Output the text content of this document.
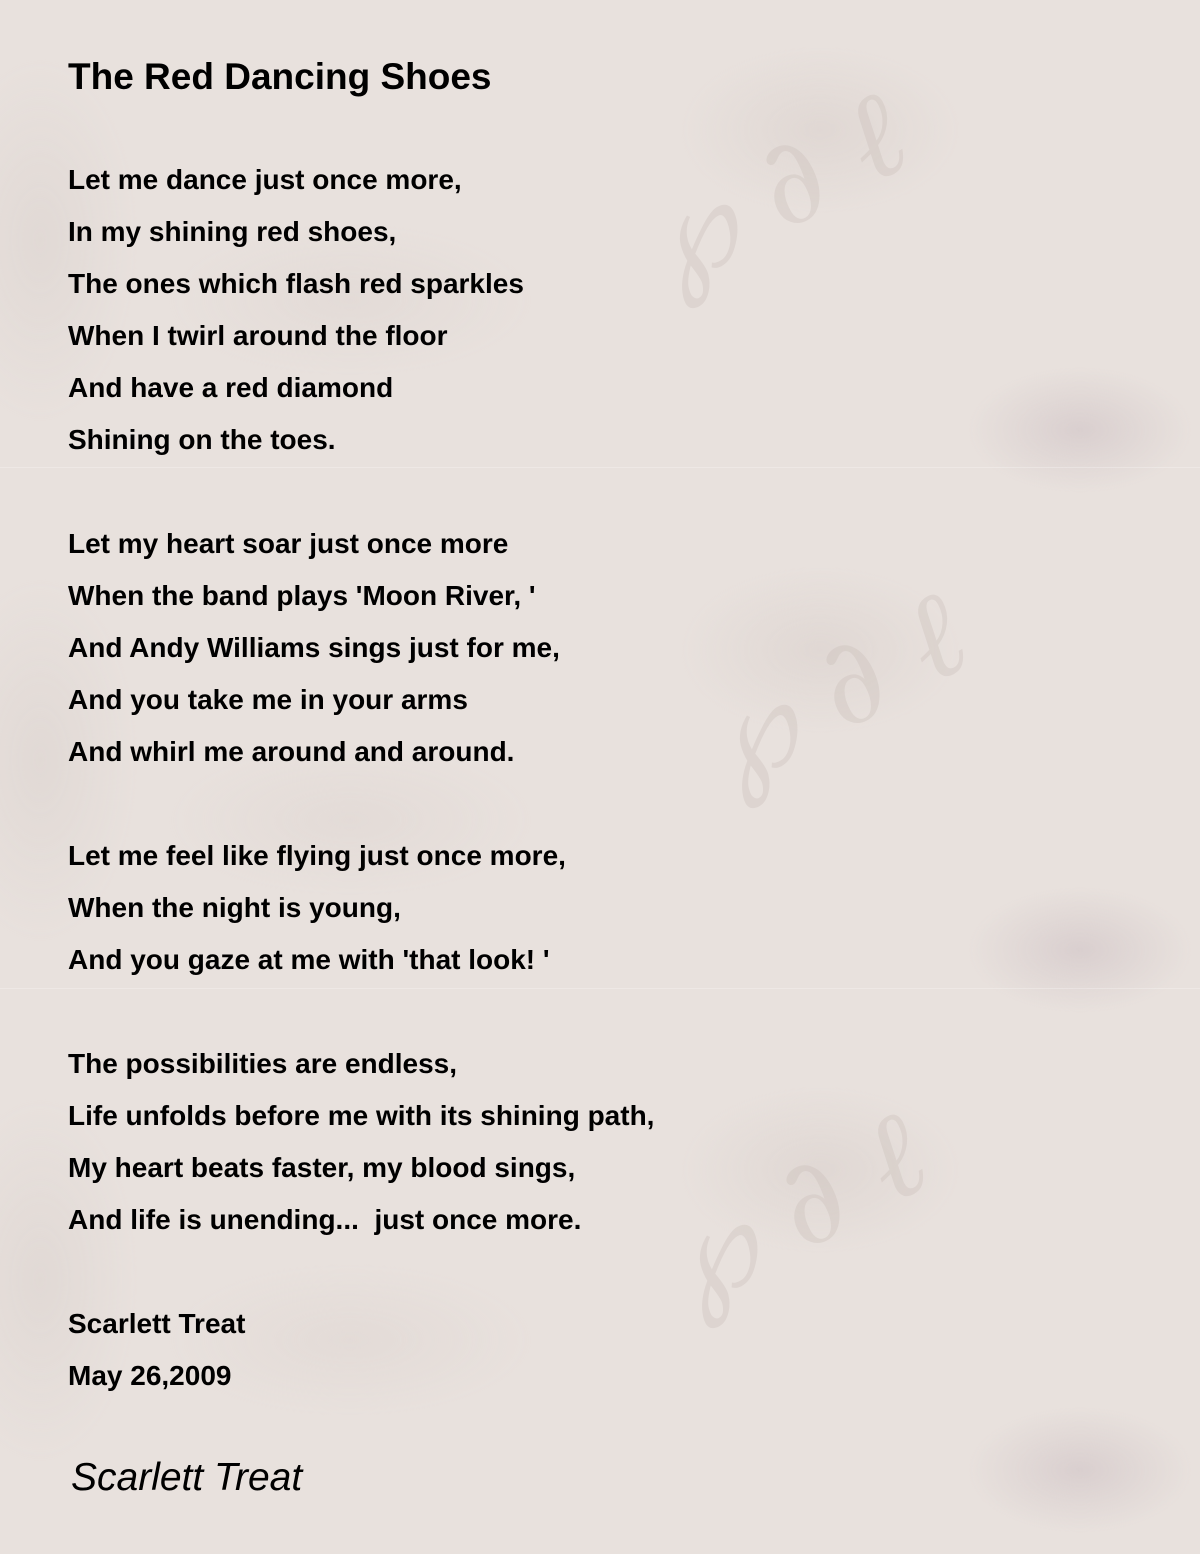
℘ ∂ ℓ
℘ ∂ ℓ
℘ ∂ ℓ
The Red Dancing Shoes
Let me dance just once more,
In my shining red shoes,
The ones which flash red sparkles
When I twirl around the floor
And have a red diamond
Shining on the toes.
Let my heart soar just once more
When the band plays 'Moon River, '
And Andy Williams sings just for me,
And you take me in your arms
And whirl me around and around.
Let me feel like flying just once more,
When the night is young,
And you gaze at me with 'that look! '
The possibilities are endless,
Life unfolds before me with its shining path,
My heart beats faster, my blood sings,
And life is unending...  just once more.
Scarlett Treat
May 26,2009
Scarlett Treat
